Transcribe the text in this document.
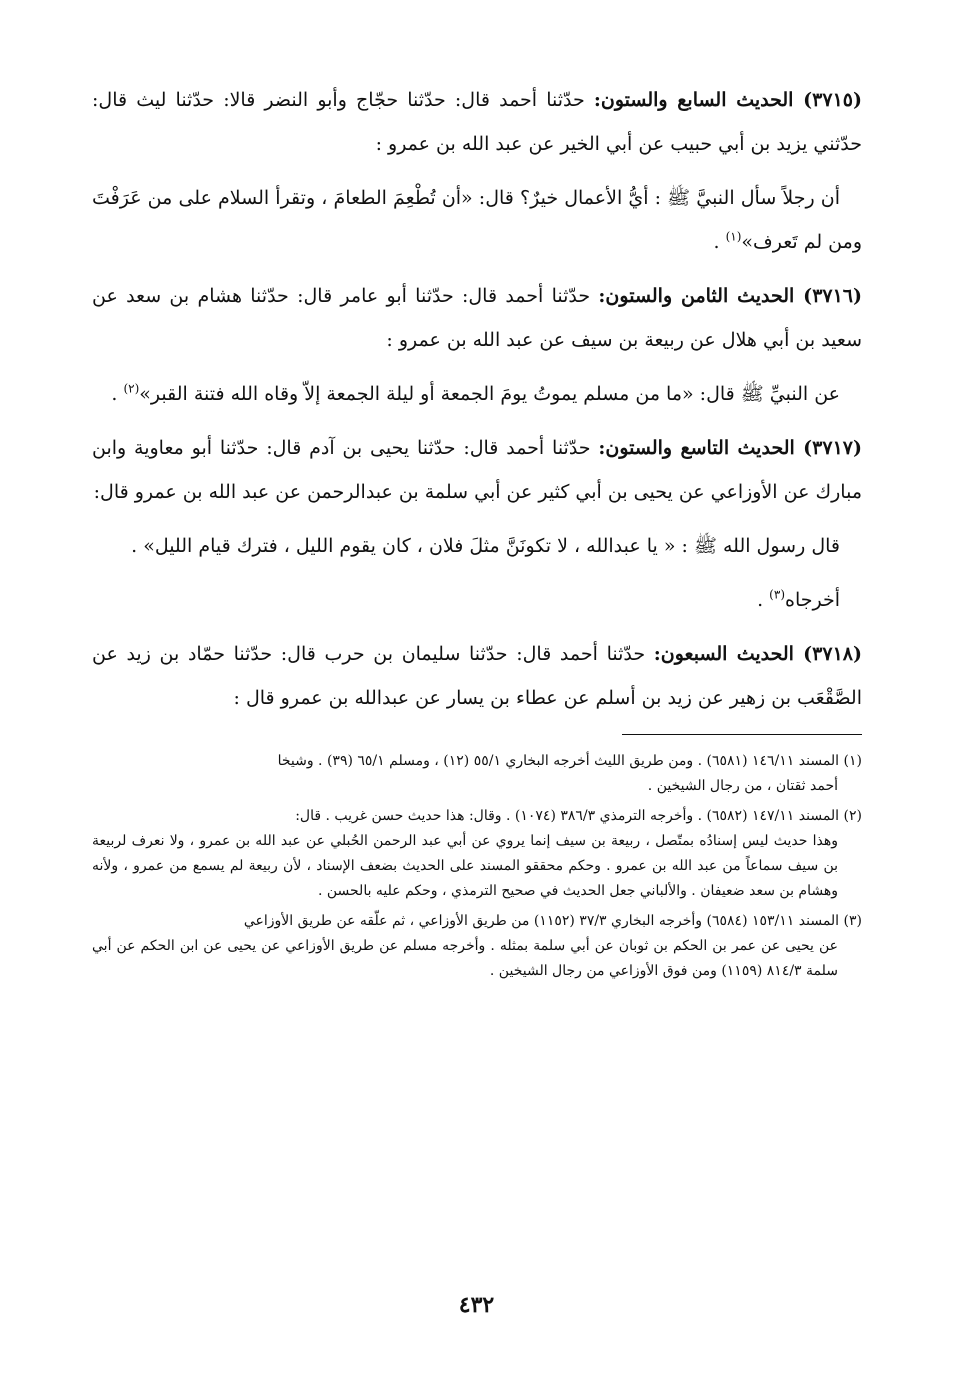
(٣٧١٥) الحديث السابع والستون: حدّثنا أحمد قال: حدّثنا حجّاج وأبو النضر قالا: حدّثنا ليث قال: حدّثني يزيد بن أبي حبيب عن أبي الخير عن عبد الله بن عمرو :

أن رجلاً سأل النبيَّ ﷺ : أيُّ الأعمال خيرٌ؟ قال: «أن تُطْعِمَ الطعامَ ، وتقرأ السلام على من عَرَفْتَ ومن لم تَعرف»$^{(١)}$ .

(٣٧١٦) الحديث الثامن والستون: حدّثنا أحمد قال: حدّثنا أبو عامر قال: حدّثنا هشام بن سعد عن سعيد بن أبي هلال عن ربيعة بن سيف عن عبد الله بن عمرو :

عن النبيِّ ﷺ قال: «ما من مسلم يموتُ يومَ الجمعة أو ليلة الجمعة إلاّ وقاه الله فتنة القبر»$^{(٢)}$ .

(٣٧١٧) الحديث التاسع والستون: حدّثنا أحمد قال: حدّثنا يحيى بن آدم قال: حدّثنا أبو معاوية وابن مبارك عن الأوزاعي عن يحيى بن أبي كثير عن أبي سلمة بن عبدالرحمن عن عبد الله بن عمرو قال:

قال رسول الله ﷺ : « يا عبدالله ، لا تكونَنَّ مثلَ فلان ، كان يقوم الليل ، فترك قيام الليل» .

أخرجاه$^{(٣)}$ .

(٣٧١٨) الحديث السبعون: حدّثنا أحمد قال: حدّثنا سليمان بن حرب قال: حدّثنا حمّاد بن زيد عن الصَّقْعَب بن زهير عن زيد بن أسلم عن عطاء بن يسار عن عبدالله بن عمرو قال :

(١) المسند ١٤٦/١١ (٦٥٨١) . ومن طريق الليث أخرجه البخاري ٥٥/١ (١٢) ، ومسلم ٦٥/١ (٣٩) . وشيخا
أحمد ثقتان ، من رجال الشيخين .

(٢) المسند ١٤٧/١١ (٦٥٨٢) . وأخرجه الترمذي ٣٨٦/٣ (١٠٧٤) . وقال: هذا حديث حسن غريب . قال:
وهذا حديث ليس إسنادُه بمتّصل ، ربيعة بن سيف إنما يروي عن أبي عبد الرحمن الحُبلي عن عبد الله بن عمرو ، ولا نعرف لربيعة بن سيف سماعاً من عبد الله بن عمرو . وحكم محققو المسند على الحديث بضعف الإسناد ، لأن ربيعة لم يسمع من عمرو ، ولأنه وهشام بن سعد ضعيفان . والألباني جعل الحديث في صحيح الترمذي ، وحكم عليه بالحسن .

(٣) المسند ١٥٣/١١ (٦٥٨٤) وأخرجه البخاري ٣٧/٣ (١١٥٢) من طريق الأوزاعي ، ثم علّقه عن طريق الأوزاعي
عن يحيى عن عمر بن الحكم بن ثوبان عن أبي سلمة بمثله . وأخرجه مسلم عن طريق الأوزاعي عن يحيى عن ابن الحكم عن أبي سلمة ٨١٤/٣ (١١٥٩) ومن فوق الأوزاعي من رجال الشيخين .

٤٣٢
